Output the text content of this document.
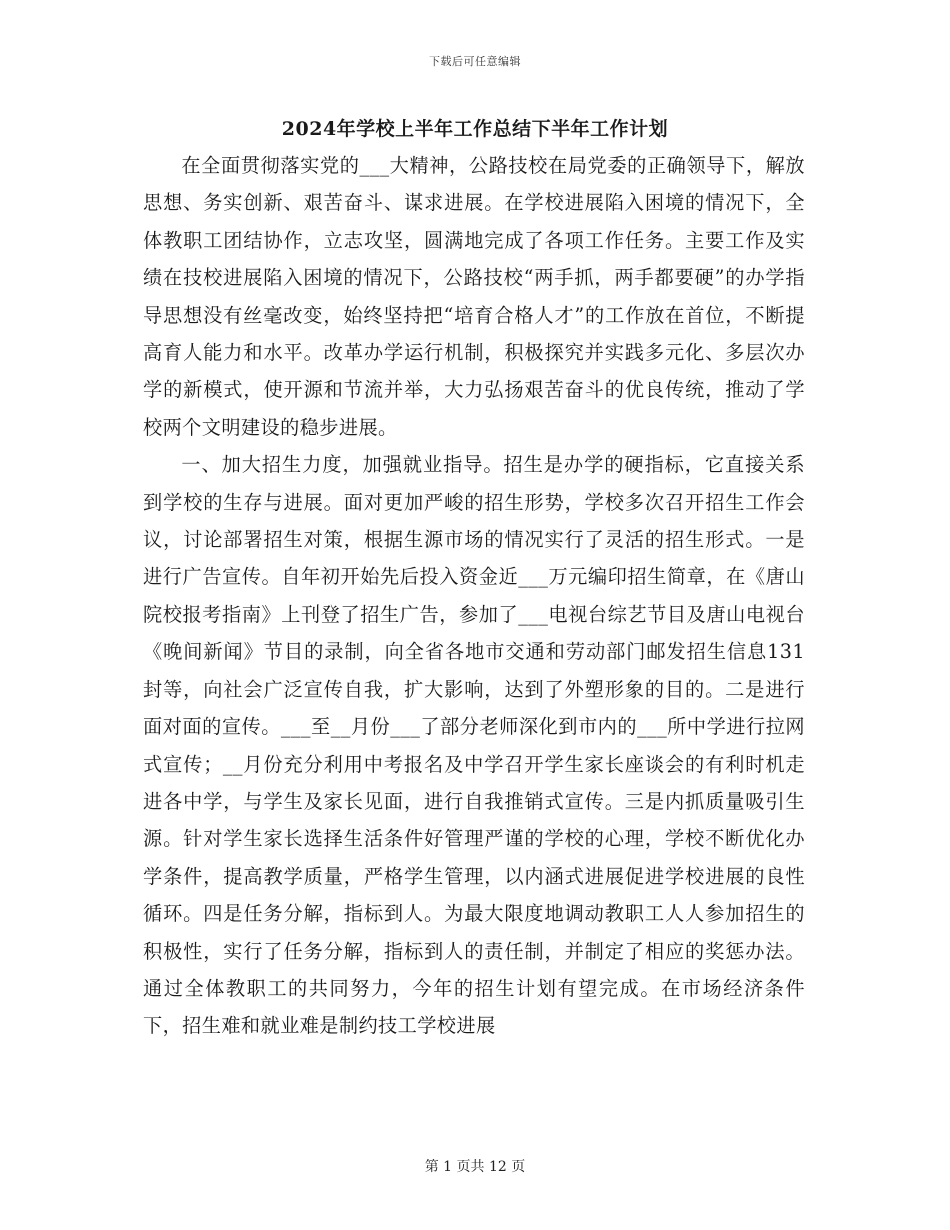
下载后可任意编辑
2024年学校上半年工作总结下半年工作计划

在全面贯彻落实党的___大精神，公路技校在局党委的正确领导下，解放思想、务实创新、艰苦奋斗、谋求进展。在学校进展陷入困境的情况下，全体教职工团结协作，立志攻坚，圆满地完成了各项工作任务。主要工作及实绩在技校进展陷入困境的情况下，公路技校“两手抓，两手都要硬”的办学指导思想没有丝毫改变，始终坚持把“培育合格人才”的工作放在首位，不断提高育人能力和水平。改革办学运行机制，积极探究并实践多元化、多层次办学的新模式，使开源和节流并举，大力弘扬艰苦奋斗的优良传统，推动了学校两个文明建设的稳步进展。

一、加大招生力度，加强就业指导。招生是办学的硬指标，它直接关系到学校的生存与进展。面对更加严峻的招生形势，学校多次召开招生工作会议，讨论部署招生对策，根据生源市场的情况实行了灵活的招生形式。一是进行广告宣传。自年初开始先后投入资金近___万元编印招生简章，在《唐山院校报考指南》上刊登了招生广告，参加了___电视台综艺节目及唐山电视台《晚间新闻》节目的录制，向全省各地市交通和劳动部门邮发招生信息131封等，向社会广泛宣传自我，扩大影响，达到了外塑形象的目的。二是进行面对面的宣传。___至__月份___了部分老师深化到市内的___所中学进行拉网式宣传；__月份充分利用中考报名及中学召开学生家长座谈会的有利时机走进各中学，与学生及家长见面，进行自我推销式宣传。三是内抓质量吸引生源。针对学生家长选择生活条件好管理严谨的学校的心理，学校不断优化办学条件，提高教学质量，严格学生管理，以内涵式进展促进学校进展的良性循环。四是任务分解，指标到人。为最大限度地调动教职工人人参加招生的积极性，实行了任务分解，指标到人的责任制，并制定了相应的奖惩办法。通过全体教职工的共同努力，今年的招生计划有望完成。在市场经济条件下，招生难和就业难是制约技工学校进展

第 1 页共 12 页
